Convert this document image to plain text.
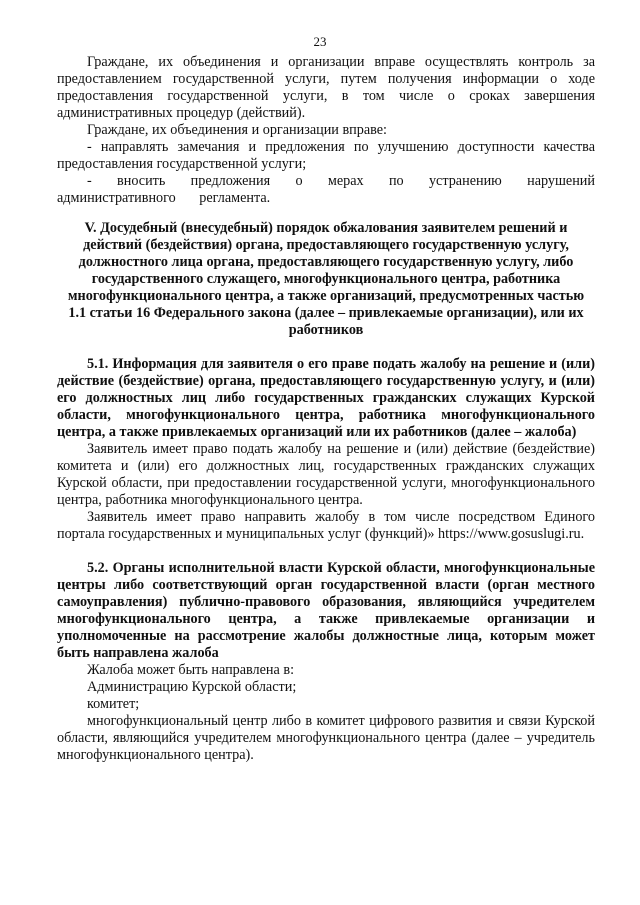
23

Граждане, их объединения и организации вправе осуществлять контроль за предоставлением государственной услуги, путем получения информации о ходе предоставления государственной услуги, в том числе о сроках завершения административных процедур (действий).

Граждане, их объединения и организации вправе:

- направлять замечания и предложения по улучшению доступности качества предоставления государственной услуги;

- вносить предложения о мерах по устранению нарушений административного регламента.

V. Досудебный (внесудебный) порядок обжалования заявителем решений и действий (бездействия) органа, предоставляющего государственную услугу, должностного лица органа, предоставляющего государственную услугу, либо государственного служащего, многофункционального центра, работника многофункционального центра, а также организаций, предусмотренных частью 1.1 статьи 16 Федерального закона (далее – привлекаемые организации), или их работников

5.1. Информация для заявителя о его праве подать жалобу на решение и (или) действие (бездействие) органа, предоставляющего государственную услугу, и (или) его должностных лиц либо государственных гражданских служащих Курской области, многофункционального центра, работника многофункционального центра, а также привлекаемых организаций или их работников (далее – жалоба)

Заявитель имеет право подать жалобу на решение и (или) действие (бездействие) комитета и (или) его должностных лиц, государственных гражданских служащих Курской области, при предоставлении государственной услуги, многофункционального центра, работника многофункционального центра.

Заявитель имеет право направить жалобу в том числе посредством Единого портала государственных и муниципальных услуг (функций)» https://www.gosuslugi.ru.

5.2. Органы исполнительной власти Курской области, многофункциональные центры либо соответствующий орган государственной власти (орган местного самоуправления) публично-правового образования, являющийся учредителем многофункционального центра, а также привлекаемые организации и уполномоченные на рассмотрение жалобы должностные лица, которым может быть направлена жалоба

Жалоба может быть направлена в:

Администрацию Курской области;

комитет;

многофункциональный центр либо в комитет цифрового развития и связи Курской области, являющийся учредителем многофункционального центра (далее – учредитель многофункционального центра).
